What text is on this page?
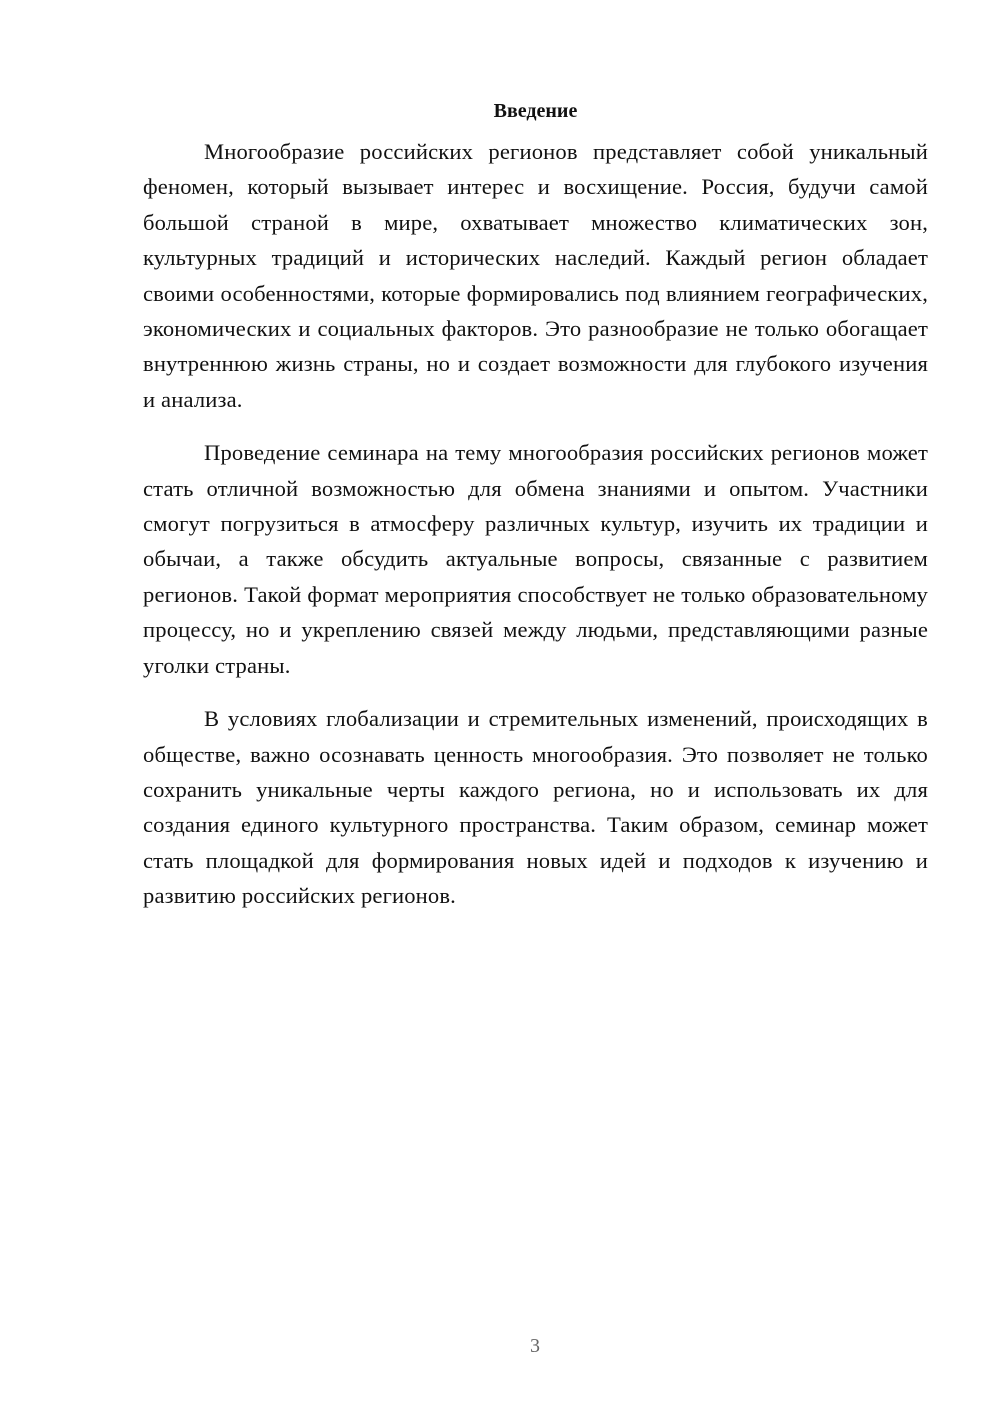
Введение

Многообразие российских регионов представляет собой уникальный феномен, который вызывает интерес и восхищение. Россия, будучи самой большой страной в мире, охватывает множество климатических зон, культурных традиций и исторических наследий. Каждый регион обладает своими особенностями, которые формировались под влиянием географических, экономических и социальных факторов. Это разнообразие не только обогащает внутреннюю жизнь страны, но и создает возможности для глубокого изучения и анализа.

Проведение семинара на тему многообразия российских регионов может стать отличной возможностью для обмена знаниями и опытом. Участники смогут погрузиться в атмосферу различных культур, изучить их традиции и обычаи, а также обсудить актуальные вопросы, связанные с развитием регионов. Такой формат мероприятия способствует не только образовательному процессу, но и укреплению связей между людьми, представляющими разные уголки страны.

В условиях глобализации и стремительных изменений, происходящих в обществе, важно осознавать ценность многообразия. Это позволяет не только сохранить уникальные черты каждого региона, но и использовать их для создания единого культурного пространства. Таким образом, семинар может стать площадкой для формирования новых идей и подходов к изучению и развитию российских регионов.

3
